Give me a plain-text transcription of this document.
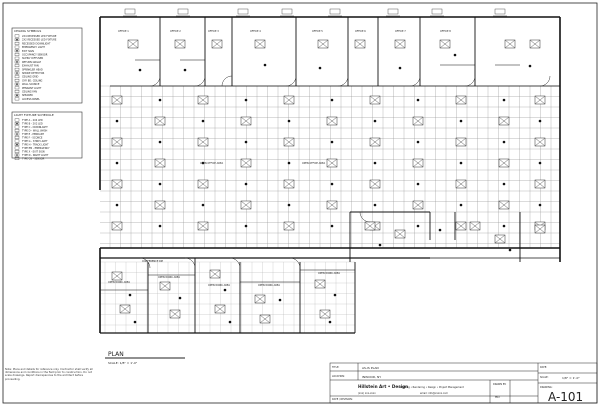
OFFICE 1	OFFICE 2	OFFICE 3	OFFICE 4	OFFICE 5	OFFICE 6	OFFICE 7	OFFICE 8
OPEN OFFICE AREA	OPEN OFFICE AREA
CONFERENCE RM
OPEN WORK AREA
OPEN WORK AREA
OPEN WORK AREA	OPEN WORK AREA
OPEN WORK AREA
CEILING SYMBOLS
2X4 RECESSED LED FIXTURE
2X2 RECESSED LED FIXTURE
RECESSED DOWNLIGHT
EMERGENCY LIGHT
EXIT SIGN
OCCUPANCY SENSOR
SUPPLY DIFFUSER
RETURN GRILLE
EXHAUST FAN
SPRINKLER HEAD
SMOKE DETECTOR
CEILING GRID
GYP. BD. CEILING
WALL SCONCE
PENDANT LIGHT
CEILING FAN
SPEAKER
ACCESS PANEL
LIGHT FIXTURE SCHEDULE
TYPE A - 2X4 LED
TYPE B - 2X2 LED
TYPE C - DOWNLIGHT
TYPE D - WALL WASH
TYPE E - PENDANT
TYPE F - SCONCE
TYPE G - STRIP LIGHT
TYPE H - TRACK LIGHT
TYPE EM - EMERGENCY
TYPE X - EXIT SIGN
TYPE N - NIGHT LIGHT
TYPE OS - SENSOR
PLAN
SCALE: 1/8" = 1'-0"
Note: Plans and details for reference only. Contractor shall verify all dimensions and conditions in the field prior to construction. Do not scale drawings. Report discrepancies to the architect before proceeding.
TITLE:	AS-IS PLAN
LOCATION:	INWOOD, NY
Hillstein Art • Design
Drafting • Rendering • Design • Project Management
(xxx) xxx-xxxx	email: info@xxxxx.com
DATE / REVISION:
DRAWN BY:
HD
DATE:
SCALE:	1/8" = 1'-0"
DRAWING:
A-101
